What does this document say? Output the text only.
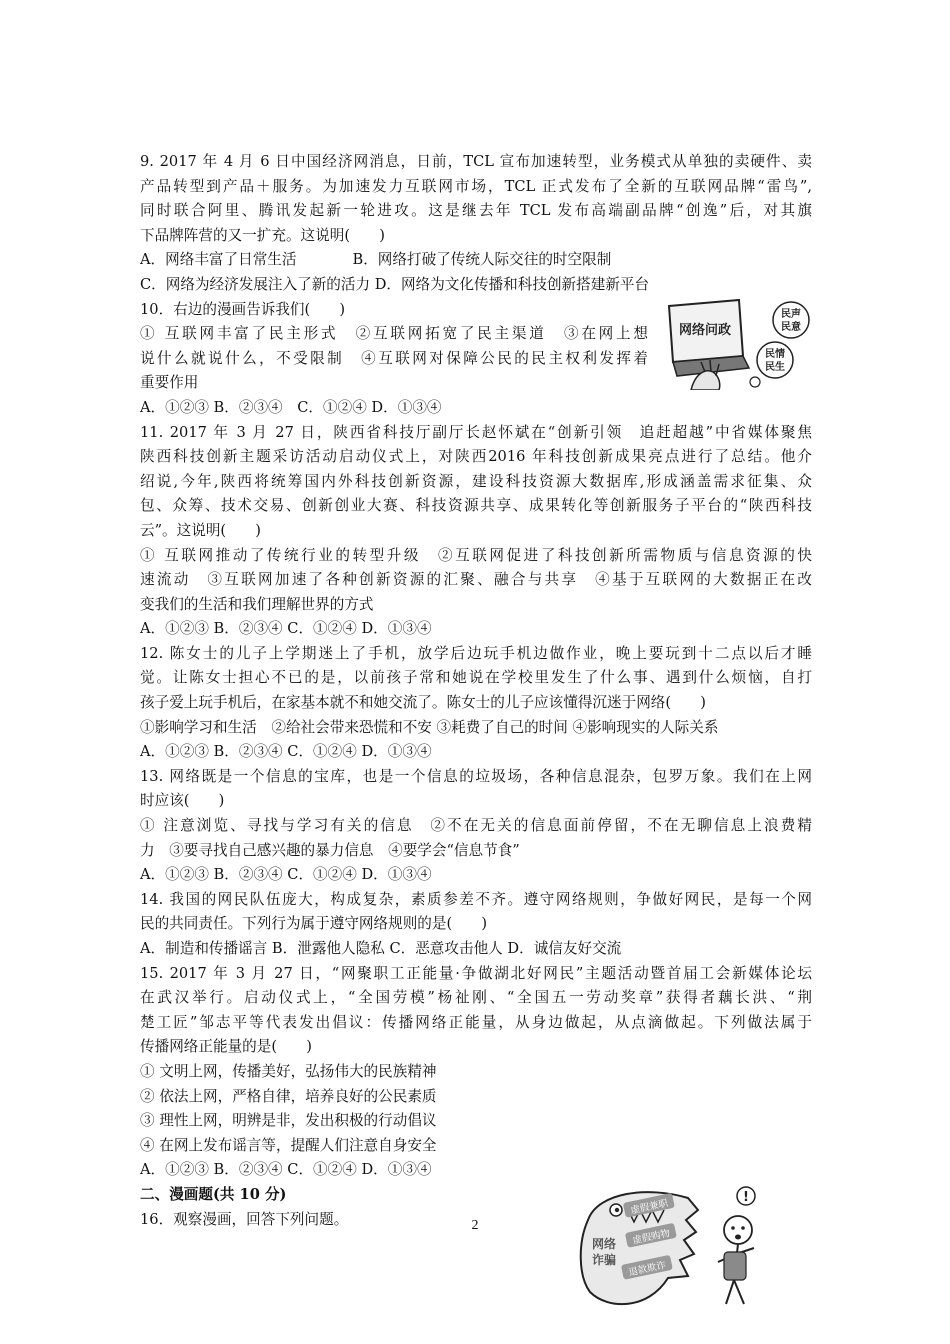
9. 2017 年 4 月 6 日中国经济网消息，日前，TCL 宣布加速转型，业务模式从单独的卖硬件、卖
产品转型到产品＋服务。为加速发力互联网市场，TCL 正式发布了全新的互联网品牌“雷鸟”,
同时联合阿里、腾讯发起新一轮进攻。这是继去年 TCL 发布高端副品牌“创逸”后，对其旗
下品牌阵营的又一扩充。这说明(　　)
A．网络丰富了日常生活	B．网络打破了传统人际交往的时空限制
C．网络为经济发展注入了新的活力 D．网络为文化传播和科技创新搭建新平台
10．右边的漫画告诉我们(　　)
① 互联网丰富了民主形式　②互联网拓宽了民主渠道　③在网上想
说什么就说什么，不受限制　④互联网对保障公民的民主权利发挥着
重要作用
A．①②③ B．②③④　C．①②④ D．①③④
11. 2017 年 3 月 27 日，陕西省科技厅副厅长赵怀斌在“创新引领　追赶超越”中省媒体聚焦
陕西科技创新主题采访活动启动仪式上，对陕西2016 年科技创新成果亮点进行了总结。他介
绍说,今年,陕西将统筹国内外科技创新资源，建设科技资源大数据库,形成涵盖需求征集、众
包、众筹、技术交易、创新创业大赛、科技资源共享、成果转化等创新服务子平台的“陕西科技
云”。这说明(　　)
① 互联网推动了传统行业的转型升级　②互联网促进了科技创新所需物质与信息资源的快
速流动　③互联网加速了各种创新资源的汇聚、融合与共享　④基于互联网的大数据正在改
变我们的生活和我们理解世界的方式
A．①②③ B．②③④ C．①②④ D．①③④
12. 陈女士的儿子上学期迷上了手机，放学后边玩手机边做作业，晚上要玩到十二点以后才睡
觉。让陈女士担心不已的是，以前孩子常和她说在学校里发生了什么事、遇到什么烦恼，自打
孩子爱上玩手机后，在家基本就不和她交流了。陈女士的儿子应该懂得沉迷于网络(　　)
①影响学习和生活　②给社会带来恐慌和不安 ③耗费了自己的时间 ④影响现实的人际关系
A．①②③ B．②③④ C．①②④ D．①③④
13. 网络既是一个信息的宝库，也是一个信息的垃圾场，各种信息混杂，包罗万象。我们在上网
时应该(　　)
① 注意浏览、寻找与学习有关的信息　②不在无关的信息面前停留，不在无聊信息上浪费精
力　③要寻找自己感兴趣的暴力信息　④要学会“信息节食”
A．①②③ B．②③④ C．①②④ D．①③④
14. 我国的网民队伍庞大，构成复杂，素质参差不齐。遵守网络规则，争做好网民，是每一个网
民的共同责任。下列行为属于遵守网络规则的是(　　)
A．制造和传播谣言 B．泄露他人隐私 C．恶意攻击他人 D．诚信友好交流
15. 2017 年 3 月 27 日，“网聚职工正能量·争做湖北好网民”主题活动暨首届工会新媒体论坛
在武汉举行。启动仪式上，“全国劳模”杨祉刚、“全国五一劳动奖章”获得者藕长洪、“荆
楚工匠”邹志平等代表发出倡议：传播网络正能量，从身边做起，从点滴做起。下列做法属于
传播网络正能量的是(　　)
① 文明上网，传播美好，弘扬伟大的民族精神
② 依法上网，严格自律，培养良好的公民素质
③ 理性上网，明辨是非，发出积极的行动倡议
④ 在网上发布谣言等，提醒人们注意自身安全
A．①②③ B．②③④ C．①②④ D．①③④
二、漫画题(共 10 分)
16．观察漫画，回答下列问题。
网络问政
民声
民意
民情
民生
网络
诈骗
虚假兼职
虚假购物
退款欺诈
!
2
